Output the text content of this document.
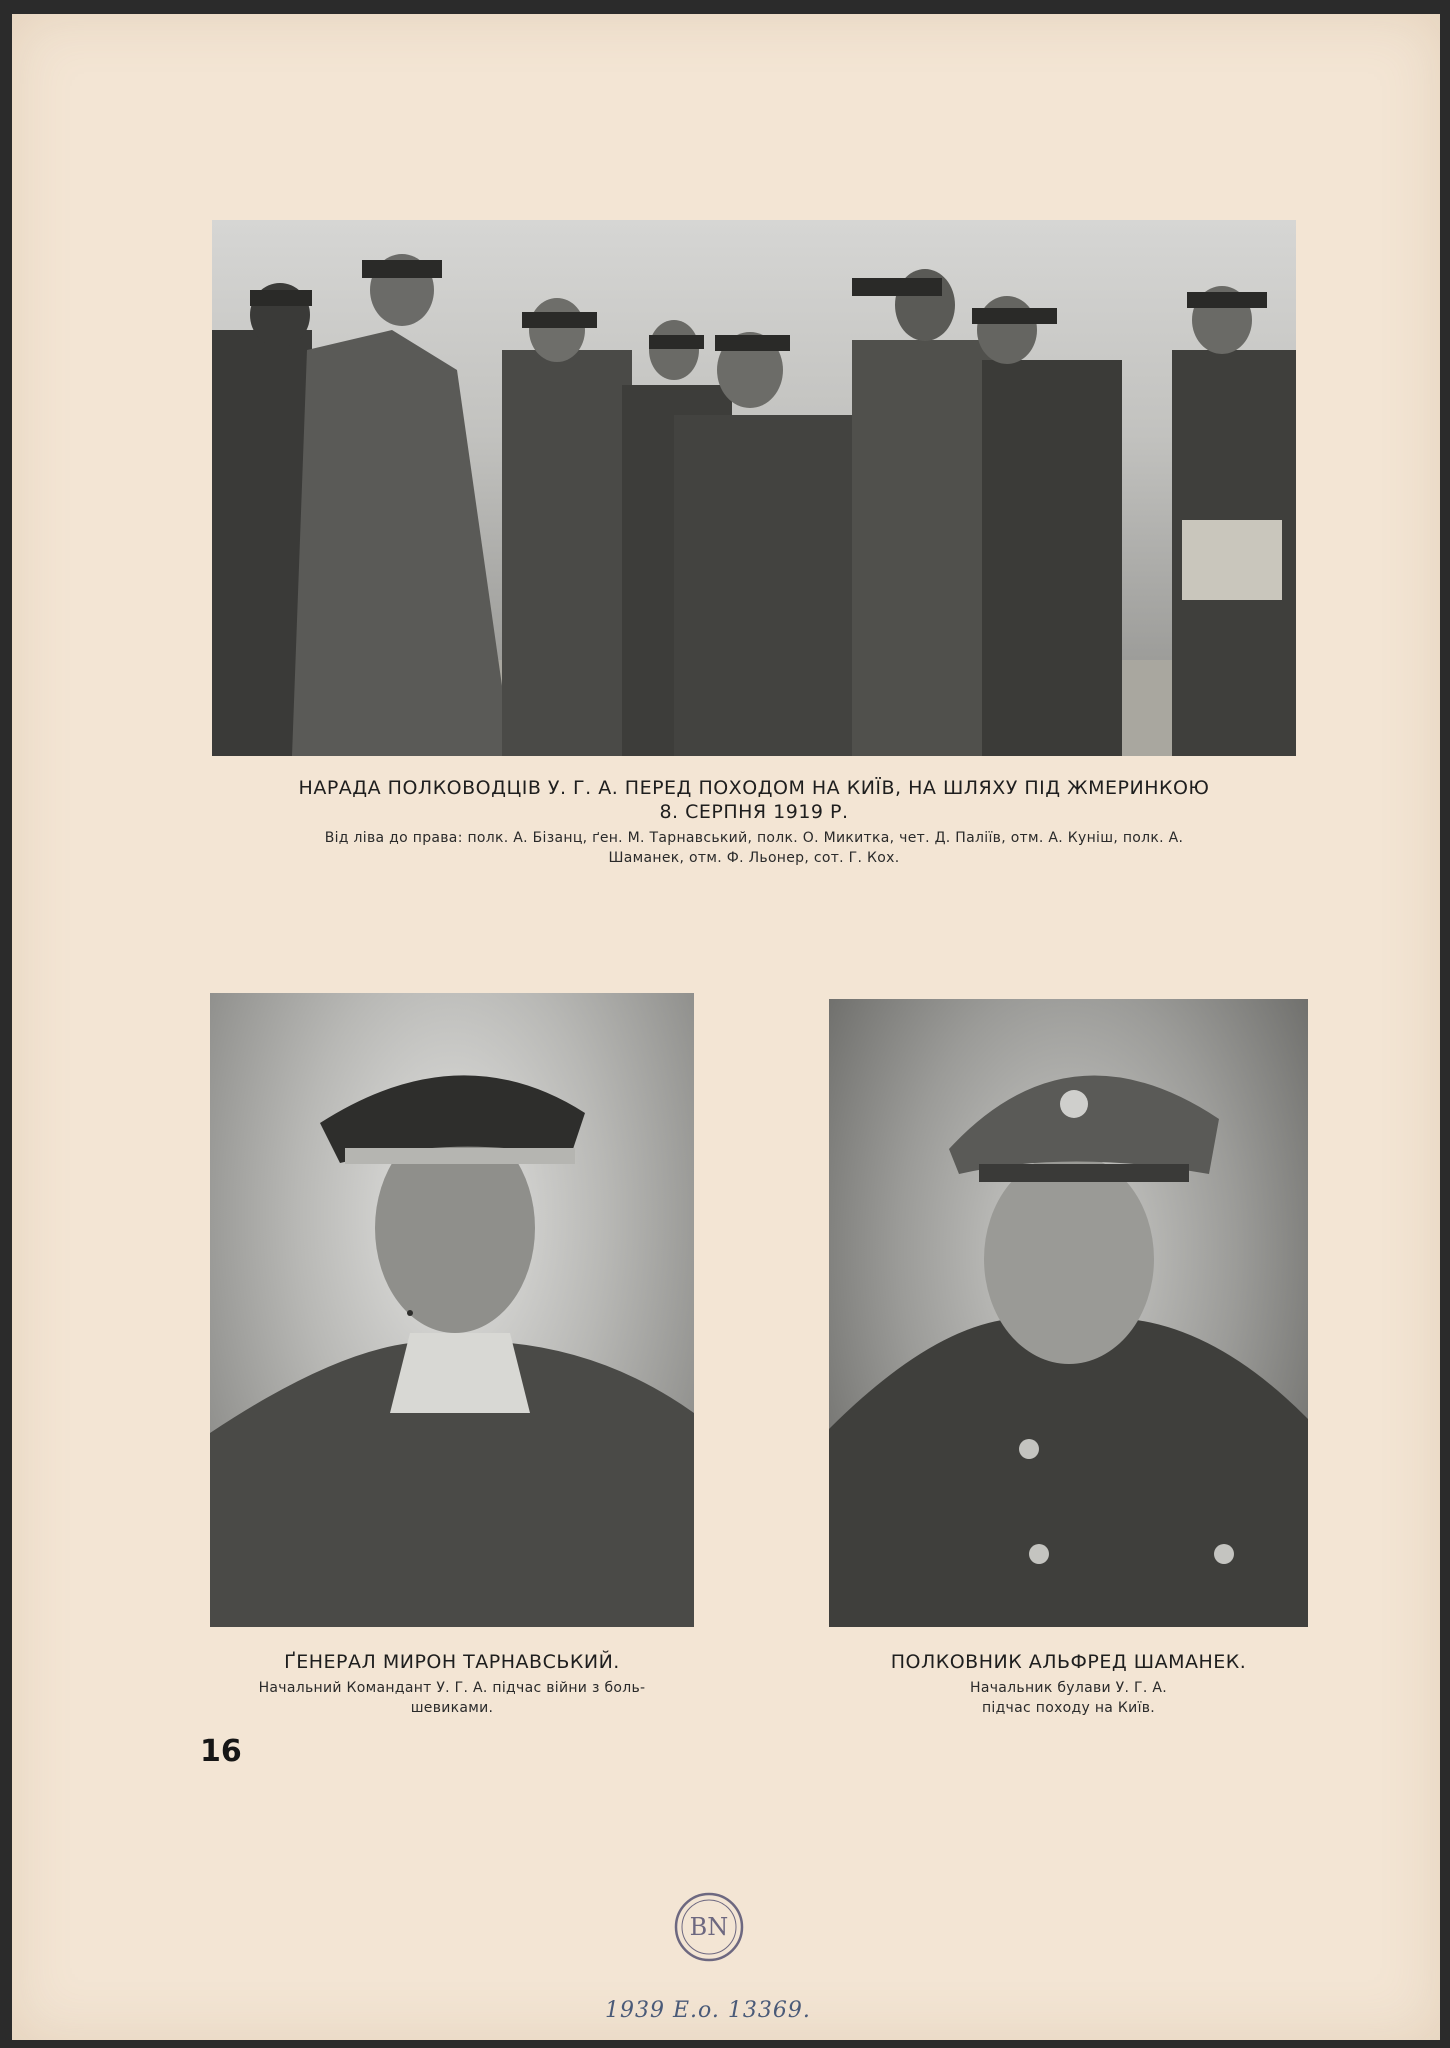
НАРАДА ПОЛКОВОДЦІВ У. Г. А. ПЕРЕД ПОХОДОМ НА КИЇВ, НА ШЛЯХУ ПІД ЖМЕРИНКОЮ
8. СЕРПНЯ 1919 Р.
Від ліва до права: полк. А. Бізанц, ґен. М. Тарнавський, полк. О. Микитка, чет. Д. Паліїв, отм. А. Куніш, полк. А.
Шаманек, отм. Ф. Льонер, сот. Г. Кох.
ҐЕНЕРАЛ МИРОН ТАРНАВСЬКИЙ.
Начальний Командант У. Г. А. підчас війни з боль-
шевиками.
ПОЛКОВНИК АЛЬФРЕД ШАМАНЕК.
Начальник булави У. Г. А.
підчас походу на Київ.
16
BN
1939 E.o. 13369.
